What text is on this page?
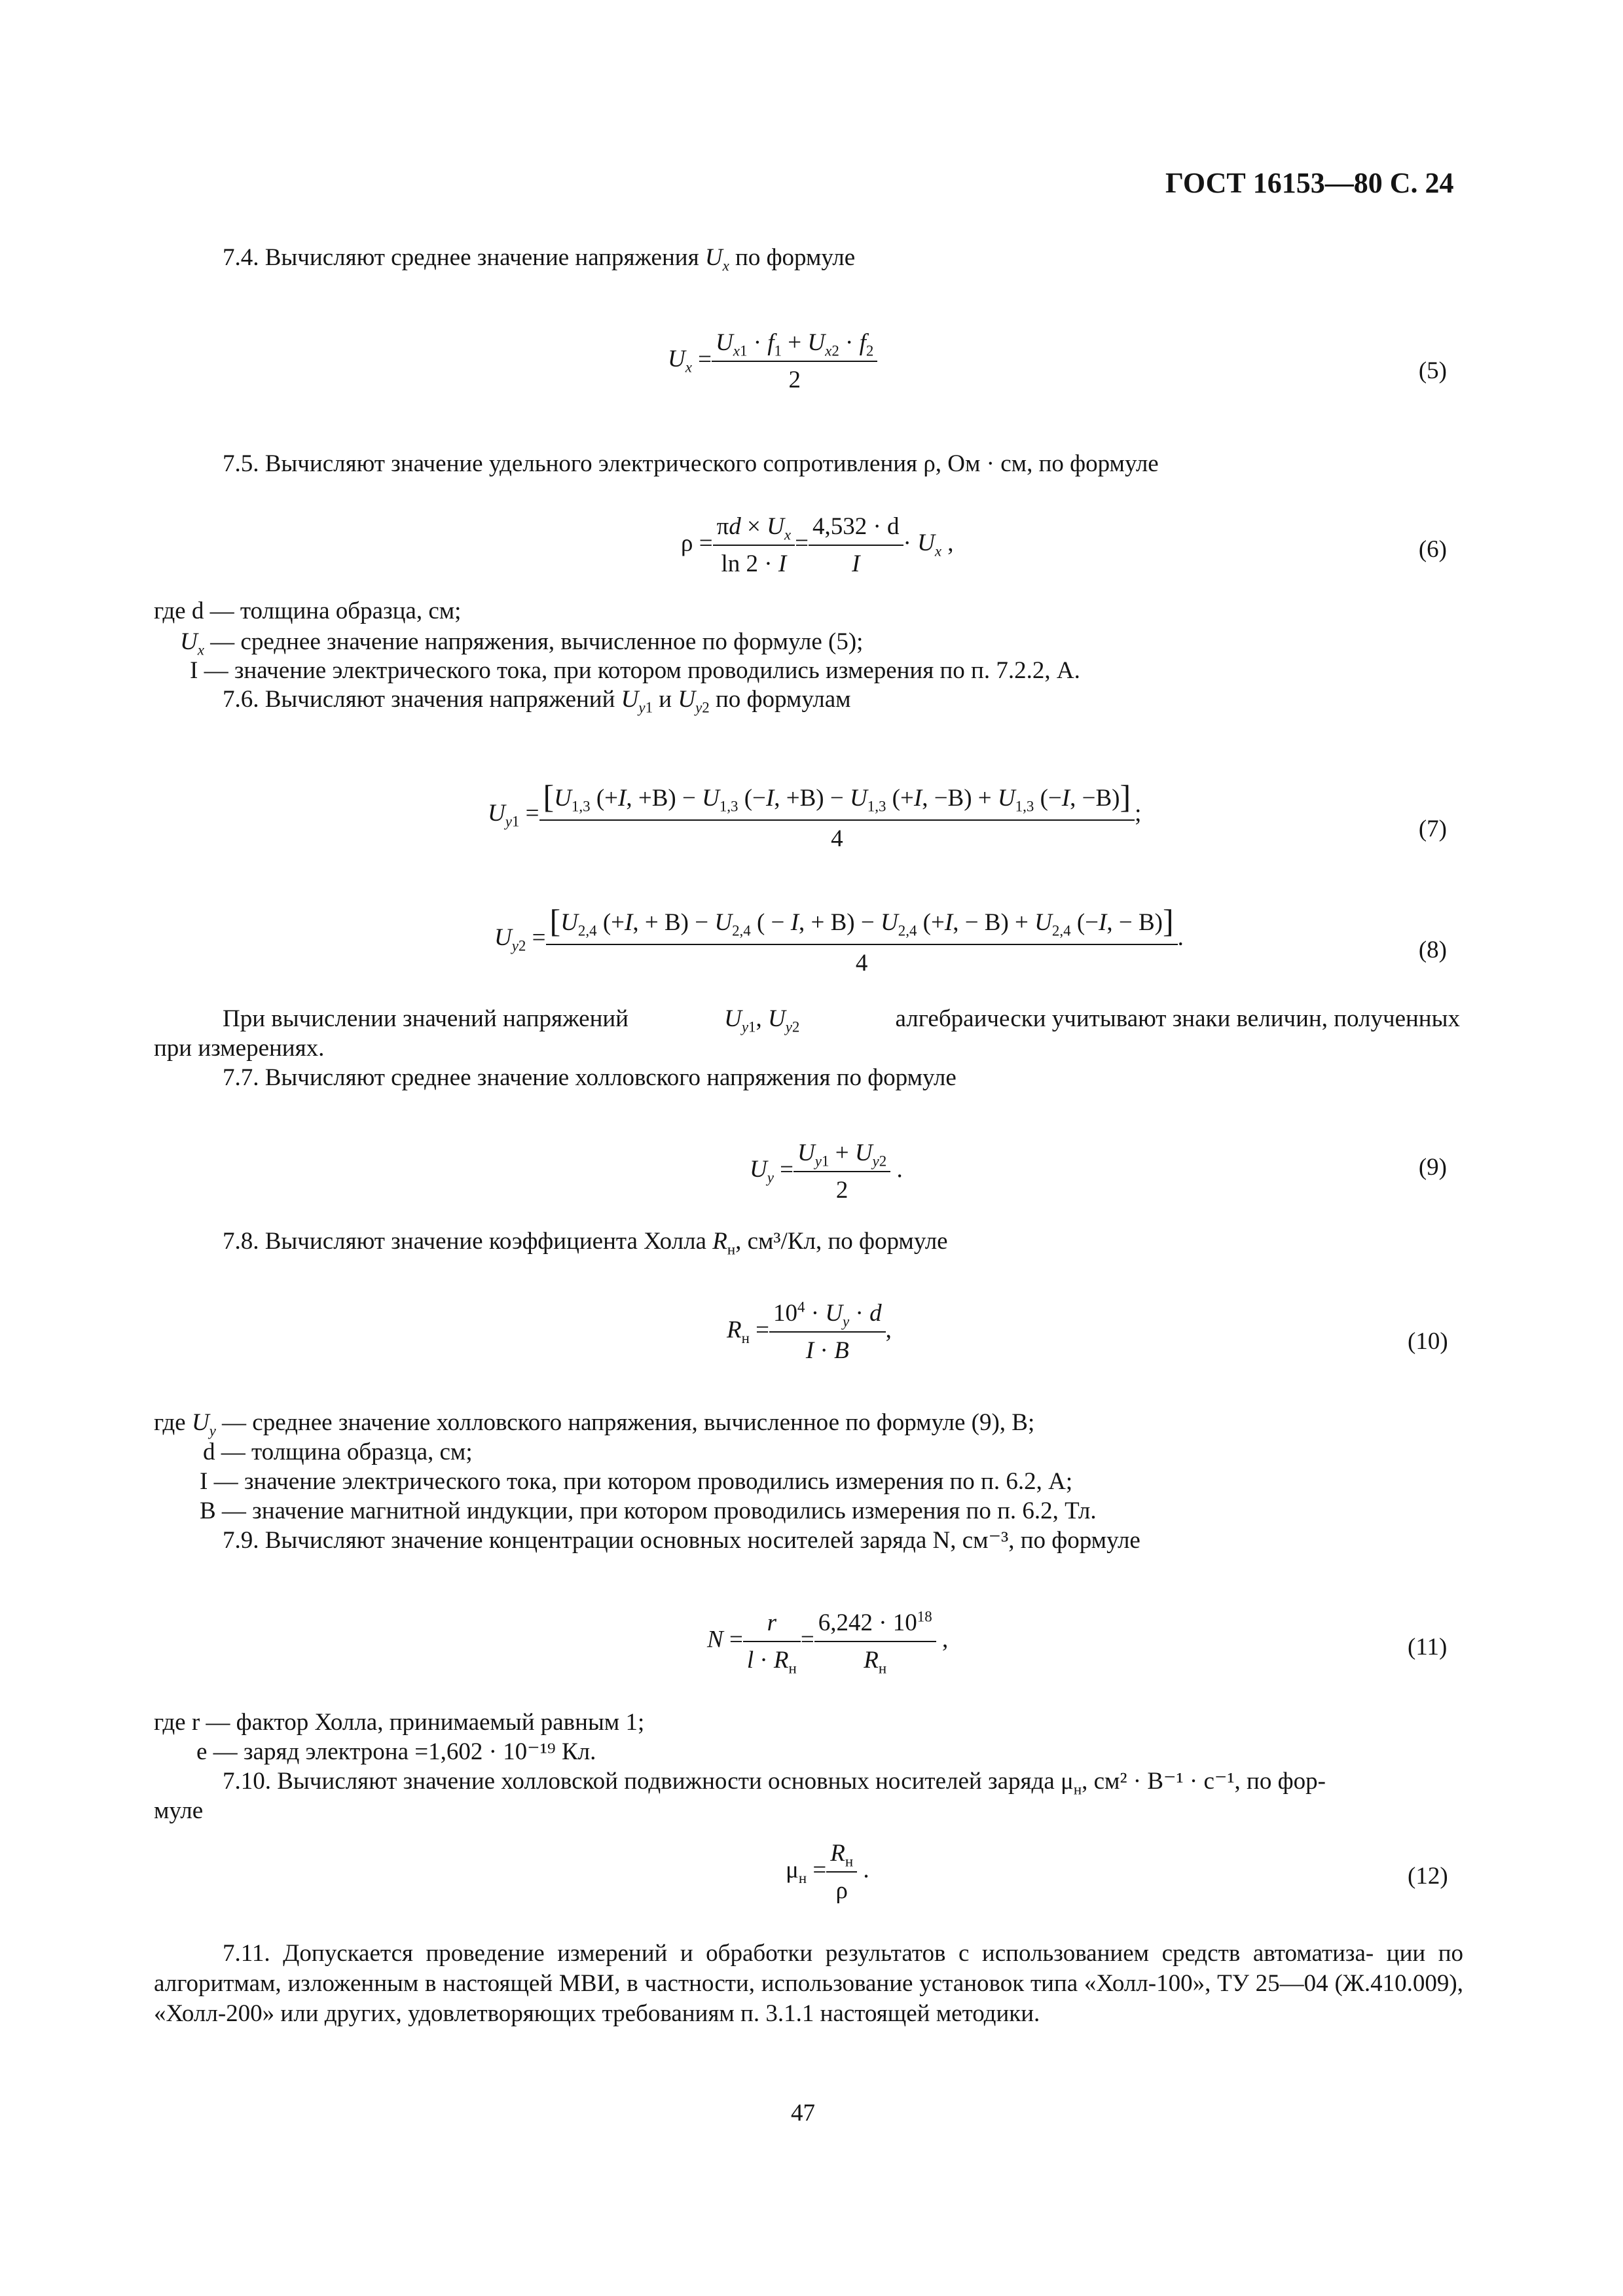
ГОСТ 16153—80 С. 24
7.4. Вычисляют среднее значение напряжения $U_x$ по формуле
$U_x = \frac{U_{x1} \cdot f_1 + U_{x2} \cdot f_2}{2}$	(5)
7.5. Вычисляют значение удельного электрического сопротивления ρ, Ом · см, по формуле
$\rho = \frac{\pi d \times U_x}{\ln 2 \cdot I} = \frac{4,532 \cdot d}{I} \cdot U_x$ ,	(6)
где d — толщина образца, см;
$U_x$ — среднее значение напряжения, вычисленное по формуле (5);
I — значение электрического тока, при котором проводились измерения по п. 7.2.2, А.
7.6. Вычисляют значения напряжений $U_{y1}$ и $U_{y2}$ по формулам
$U_{y1} = [U_{1,3}$ (+I, $+B) - U_{1,3}$ (−I, $+B) - U_{1,3}$ (+I, $-B) + U_{1,3}$ (−I, −B)]
4
;
(7)
$U_{y2} = [U_{2,4}$ (+I, + $B) - U_{2,4}$ ( − I, + $B) - U_{2,4}$ (+I, − $B) + U_{2,4}$ (−I, − B)]
4
.	(8)
При вычислении значений напряжений	$U_{y1}$, $U_{y2}$	алгебраически учитывают знаки величин, полученных
при измерениях.
7.7. Вычисляют среднее значение холловского напряжения по формуле
$U_y = \frac{U_{y1} + U_{y2}}{2}$ .	(9)
7.8. Вычисляют значение коэффициента Холла $R_н$, см³/Кл, по формуле
$R_н = \frac{10^4 \cdot U_y \cdot d}{I \cdot B}$ ,	(10)
где $U_y$ — среднее значение холловского напряжения, вычисленное по формуле (9), В;
d — толщина образца, см;
I — значение электрического тока, при котором проводились измерения по п. 6.2, А;
B — значение магнитной индукции, при котором проводились измерения по п. 6.2, Тл.
7.9. Вычисляют значение концентрации основных носителей заряда N, см⁻³, по формуле
$N = \frac{r}{l \cdot R_н} = \frac{6,242 \cdot 10^{18}}{R_н}$ ,	(11)
где r — фактор Холла, принимаемый равным 1;
e — заряд электрона =1,602 · 10⁻¹⁹ Кл.
7.10. Вычисляют значение холловской подвижности основных носителей заряда $\mu_н$, см² · В⁻¹ · с⁻¹, по фор-
муле
$\mu_н = \frac{R_н}{\rho}$ .	(12)
7.11. Допускается проведение измерений и обработки результатов с использованием средств автоматиза- ции по алгоритмам, изложенным в настоящей МВИ, в частности, использование установок типа «Холл-100», ТУ 25—04 (Ж.410.009), «Холл-200» или других, удовлетворяющих требованиям п. 3.1.1 настоящей методики.
47
